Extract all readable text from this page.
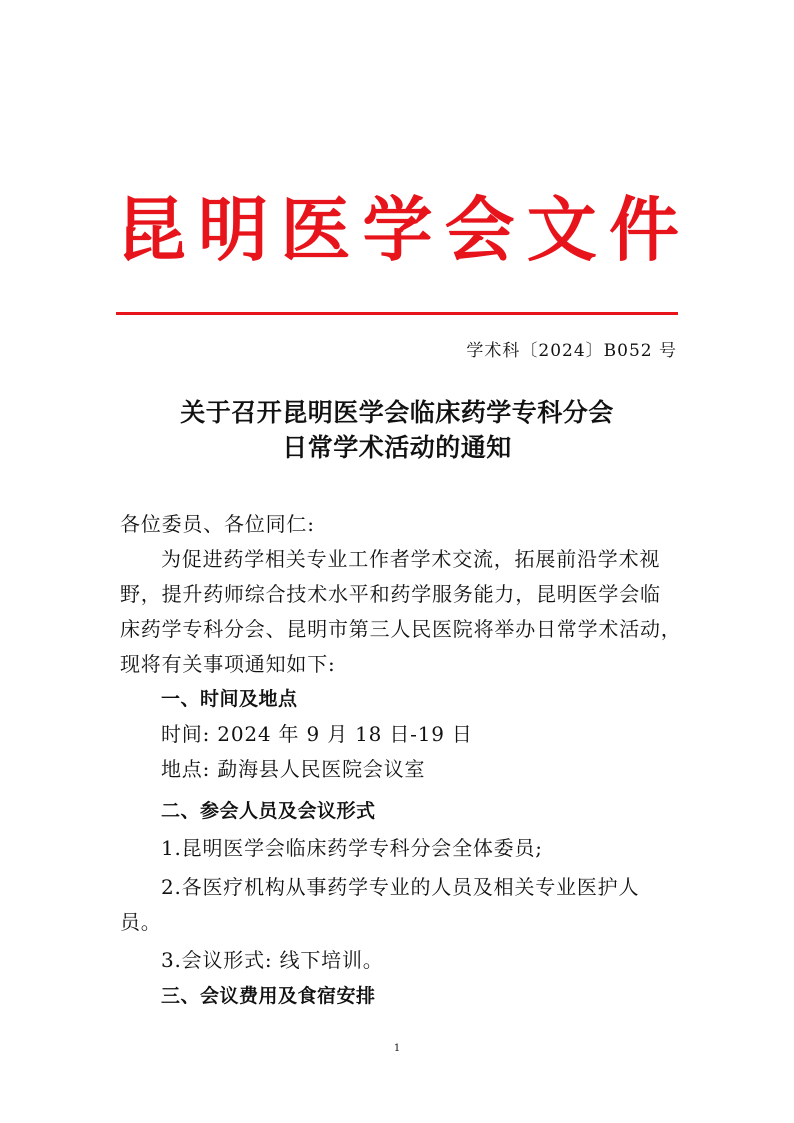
昆 明 医 学 会 文 件
学术科〔2024〕B052 号
关于召开昆明医学会临床药学专科分会
日常学术活动的通知
各位委员、各位同仁:
为促进药学相关专业工作者学术交流，拓展前沿学术视
野，提升药师综合技术水平和药学服务能力，昆明医学会临
床药学专科分会、昆明市第三人民医院将举办日常学术活动，
现将有关事项通知如下:
一、时间及地点
时间: 2024 年 9 月 18 日-19 日
地点: 勐海县人民医院会议室
二、参会人员及会议形式
1.昆明医学会临床药学专科分会全体委员;
2.各医疗机构从事药学专业的人员及相关专业医护人
员。
3.会议形式: 线下培训。
三、会议费用及食宿安排
1
